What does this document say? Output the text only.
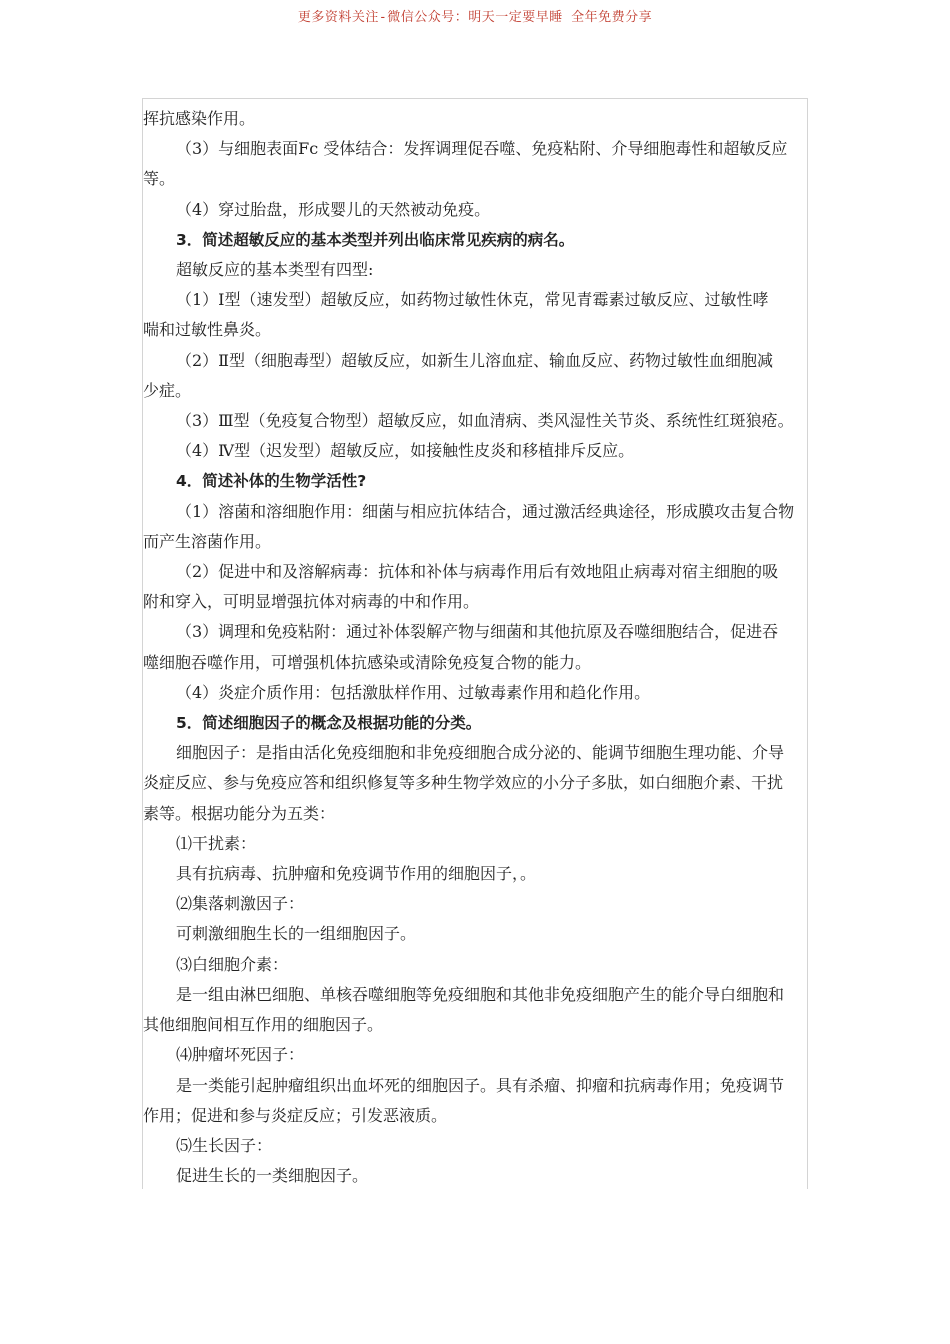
更多资料关注-微信公众号：明天一定要早睡 全年免费分享

挥抗感染作用。

（3）与细胞表面Fc 受体结合：发挥调理促吞噬、免疫粘附、介导细胞毒性和超敏反应

等。

（4）穿过胎盘，形成婴儿的天然被动免疫。

3．简述超敏反应的基本类型并列出临床常见疾病的病名。

超敏反应的基本类型有四型:

（1）Ⅰ型（速发型）超敏反应，如药物过敏性休克，常见青霉素过敏反应、过敏性哮

喘和过敏性鼻炎。

（2）Ⅱ型（细胞毒型）超敏反应，如新生儿溶血症、输血反应、药物过敏性血细胞减

少症。

（3）Ⅲ型（免疫复合物型）超敏反应，如血清病、类风湿性关节炎、系统性红斑狼疮。

（4）Ⅳ型（迟发型）超敏反应，如接触性皮炎和移植排斥反应。

4．简述补体的生物学活性?

（1）溶菌和溶细胞作用：细菌与相应抗体结合，通过激活经典途径，形成膜攻击复合物

而产生溶菌作用。

（2）促进中和及溶解病毒：抗体和补体与病毒作用后有效地阻止病毒对宿主细胞的吸

附和穿入，可明显增强抗体对病毒的中和作用。

（3）调理和免疫粘附：通过补体裂解产物与细菌和其他抗原及吞噬细胞结合，促进吞

噬细胞吞噬作用，可增强机体抗感染或清除免疫复合物的能力。

（4）炎症介质作用：包括激肽样作用、过敏毒素作用和趋化作用。

5．简述细胞因子的概念及根据功能的分类。

细胞因子：是指由活化免疫细胞和非免疫细胞合成分泌的、能调节细胞生理功能、介导

炎症反应、参与免疫应答和组织修复等多种生物学效应的小分子多肽，如白细胞介素、干扰

素等。根据功能分为五类：

⑴干扰素：

具有抗病毒、抗肿瘤和免疫调节作用的细胞因子，。

⑵集落刺激因子：

可刺激细胞生长的一组细胞因子。

⑶白细胞介素：

是一组由淋巴细胞、单核吞噬细胞等免疫细胞和其他非免疫细胞产生的能介导白细胞和

其他细胞间相互作用的细胞因子。

⑷肿瘤坏死因子：

是一类能引起肿瘤组织出血坏死的细胞因子。具有杀瘤、抑瘤和抗病毒作用；免疫调节

作用；促进和参与炎症反应；引发恶液质。

⑸生长因子：

促进生长的一类细胞因子。
